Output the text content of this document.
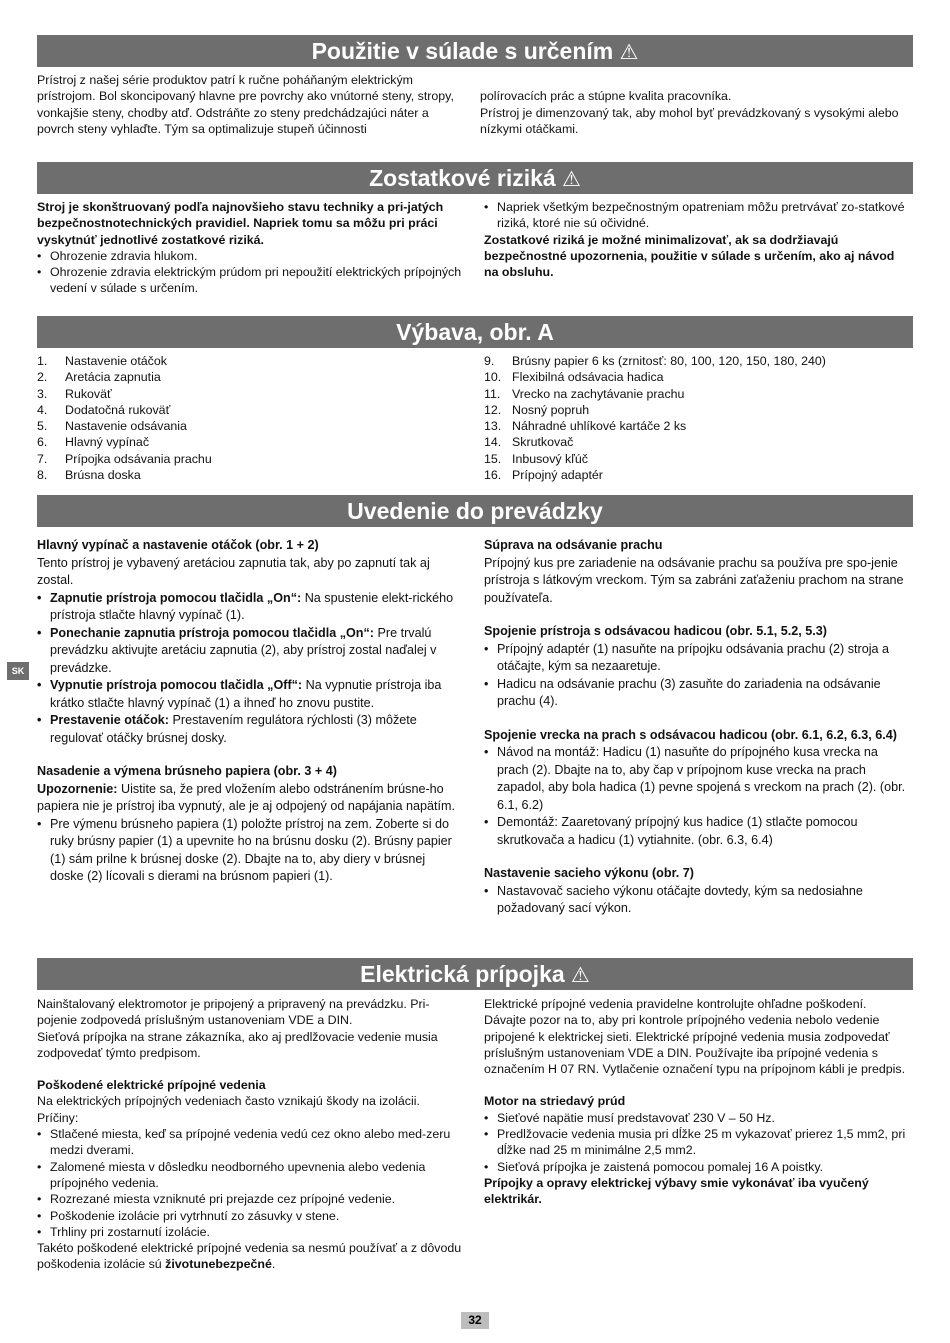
Použitie v súlade s určením ⚠

Prístroj z našej série produktov patrí k ručne poháňaným elektrickým prístrojom. Bol skoncipovaný hlavne pre povrchy ako vnútorné steny, stropy, vonkajšie steny, chodby atď. Odstráňte zo steny predchádzajúci náter a povrch steny vyhlaďte. Tým sa optimalizuje stupeň účinnosti

polírovacích prác a stúpne kvalita pracovníka.
Prístroj je dimenzovaný tak, aby mohol byť prevádzkovaný s vysokými alebo nízkymi otáčkami.

Zostatkové riziká ⚠

Stroj je skonštruovaný podľa najnovšieho stavu techniky a pri-jatých bezpečnostnotechnických pravidiel. Napriek tomu sa môžu pri práci vyskytnúť jednotlivé zostatkové riziká.

• Ohrozenie zdravia hlukom.
• Ohrozenie zdravia elektrickým prúdom pri nepoužití elektrických prípojných vedení v súlade s určením.
• Napriek všetkým bezpečnostným opatreniam môžu pretrvávať zo-statkové riziká, ktoré nie sú očividné.

Zostatkové riziká je možné minimalizovať, ak sa dodržiavajú bezpečnostné upozornenia, použitie v súlade s určením, ako aj návod na obsluhu.

Výbava, obr. A
1. Nastavenie otáčok
2. Aretácia zapnutia
3. Rukoväť
4. Dodatočná rukoväť
5. Nastavenie odsávania
6. Hlavný vypínač
7. Prípojka odsávania prachu
8. Brúsna doska
9. Brúsny papier 6 ks (zrnitosť: 80, 100, 120, 150, 180, 240)
10. Flexibilná odsávacia hadica
11. Vrecko na zachytávanie prachu
12. Nosný popruh
13. Náhradné uhlíkové kartáče 2 ks
14. Skrutkovač
15. Inbusový kľúč
16. Prípojný adaptér
Uvedenie do prevádzky
SK

Hlavný vypínač a nastavenie otáčok (obr. 1 + 2)

Tento prístroj je vybavený aretáciou zapnutia tak, aby po zapnutí tak aj zostal.

• Zapnutie prístroja pomocou tlačidla „On“: Na spustenie elekt-rického prístroja stlačte hlavný vypínač (1).
• Ponechanie zapnutia prístroja pomocou tlačidla „On“: Pre trvalú prevádzku aktivujte aretáciu zapnutia (2), aby prístroj zostal naďalej v prevádzke.
• Vypnutie prístroja pomocou tlačidla „Off“: Na vypnutie prístroja iba krátko stlačte hlavný vypínač (1) a ihneď ho znovu pustite.
• Prestavenie otáčok: Prestavením regulátora rýchlosti (3) môžete regulovať otáčky brúsnej dosky.

Nasadenie a výmena brúsneho papiera (obr. 3 + 4)

Upozornenie: Uistite sa, že pred vložením alebo odstránením brúsne-ho papiera nie je prístroj iba vypnutý, ale je aj odpojený od napájania napätím.

• Pre výmenu brúsneho papiera (1) položte prístroj na zem. Zoberte si do ruky brúsny papier (1) a upevnite ho na brúsnu dosku (2). Brúsny papier (1) sám prilne k brúsnej doske (2). Dbajte na to, aby diery v brúsnej doske (2) lícovali s dierami na brúsnom papieri (1).

Súprava na odsávanie prachu

Prípojný kus pre zariadenie na odsávanie prachu sa používa pre spo-jenie prístroja s látkovým vreckom. Tým sa zabráni zaťaženiu prachom na strane používateľa.

Spojenie prístroja s odsávacou hadicou (obr. 5.1, 5.2, 5.3)

• Prípojný adaptér (1) nasuňte na prípojku odsávania prachu (2) stroja a otáčajte, kým sa nezaaretuje.
• Hadicu na odsávanie prachu (3) zasuňte do zariadenia na odsávanie prachu (4).

Spojenie vrecka na prach s odsávacou hadicou (obr. 6.1, 6.2, 6.3, 6.4)

• Návod na montáž: Hadicu (1) nasuňte do prípojného kusa vrecka na prach (2). Dbajte na to, aby čap v prípojnom kuse vrecka na prach zapadol, aby bola hadica (1) pevne spojená s vreckom na prach (2). (obr. 6.1, 6.2)
• Demontáž: Zaaretovaný prípojný kus hadice (1) stlačte pomocou skrutkovača a hadicu (1) vytiahnite. (obr. 6.3, 6.4)

Nastavenie sacieho výkonu (obr. 7)

• Nastavovač sacieho výkonu otáčajte dovtedy, kým sa nedosiahne požadovaný sací výkon.
Elektrická prípojka ⚠

Nainštalovaný elektromotor je pripojený a pripravený na prevádzku. Pri-pojenie zodpovedá príslušným ustanoveniam VDE a DIN.
Sieťová prípojka na strane zákazníka, ako aj predlžovacie vedenie musia zodpovedať týmto predpisom.

Poškodené elektrické prípojné vedenia

Na elektrických prípojných vedeniach často vznikajú škody na izolácii.
Príčiny:

• Stlačené miesta, keď sa prípojné vedenia vedú cez okno alebo med-zeru medzi dverami.
• Zalomené miesta v dôsledku neodborného upevnenia alebo vedenia prípojného vedenia.
• Rozrezané miesta vzniknuté pri prejazde cez prípojné vedenie.
• Poškodenie izolácie pri vytrhnutí zo zásuvky v stene.
• Trhliny pri zostarnutí izolácie.

Takéto poškodené elektrické prípojné vedenia sa nesmú používať a z dôvodu poškodenia izolácie sú životunebezpečné.

Elektrické prípojné vedenia pravidelne kontrolujte ohľadne poškodení. Dávajte pozor na to, aby pri kontrole prípojného vedenia nebolo vedenie pripojené k elektrickej sieti. Elektrické prípojné vedenia musia zodpovedať príslušným ustanoveniam VDE a DIN. Používajte iba prípojné vedenia s označením H 07 RN. Vytlačenie označení typu na prípojnom kábli je predpis.

Motor na striedavý prúd

• Sieťové napätie musí predstavovať 230 V – 50 Hz.
• Predlžovacie vedenia musia pri dĺžke 25 m vykazovať prierez 1,5 mm2, pri dĺžke nad 25 m minimálne 2,5 mm2.
• Sieťová prípojka je zaistená pomocou pomalej 16 A poistky.

Prípojky a opravy elektrickej výbavy smie vykonávať iba vyučený elektrikár.

32
